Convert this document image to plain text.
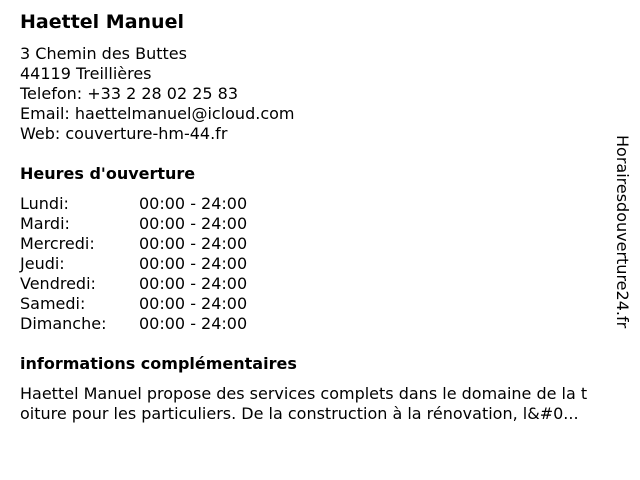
Haettel Manuel
3 Chemin des Buttes
44119 Treillières
Telefon: +33 2 28 02 25 83
Email: haettelmanuel@icloud.com
Web: couverture-hm-44.fr
Heures d'ouverture
Lundi:	00:00 - 24:00
Mardi:	00:00 - 24:00
Mercredi:	00:00 - 24:00
Jeudi:	00:00 - 24:00
Vendredi:	00:00 - 24:00
Samedi:	00:00 - 24:00
Dimanche: 00:00 - 24:00
informations complémentaires
Haettel Manuel propose des services complets dans le domaine de la t
oiture pour les particuliers. De la construction à la rénovation, l&#0...
Horairesdouverture24.fr
